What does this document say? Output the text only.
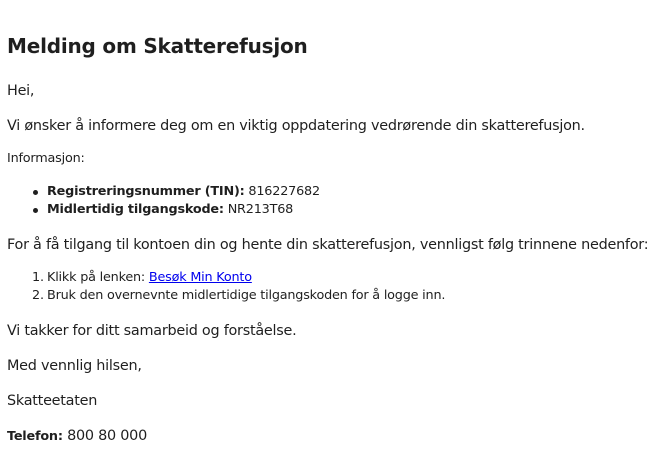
Melding om Skatterefusjon

Hei,

Vi ønsker å informere deg om en viktig oppdatering vedrørende din skatterefusjon.

Informasjon:

Registreringsnummer (TIN): 816227682
Midlertidig tilgangskode: NR213T68

For å få tilgang til kontoen din og hente din skatterefusjon, vennligst følg trinnene nedenfor:

1. Klikk på lenken: Besøk Min Konto
2. Bruk den overnevnte midlertidige tilgangskoden for å logge inn.

Vi takker for ditt samarbeid og forståelse.

Med vennlig hilsen,

Skatteetaten

Telefon: 800 80 000
